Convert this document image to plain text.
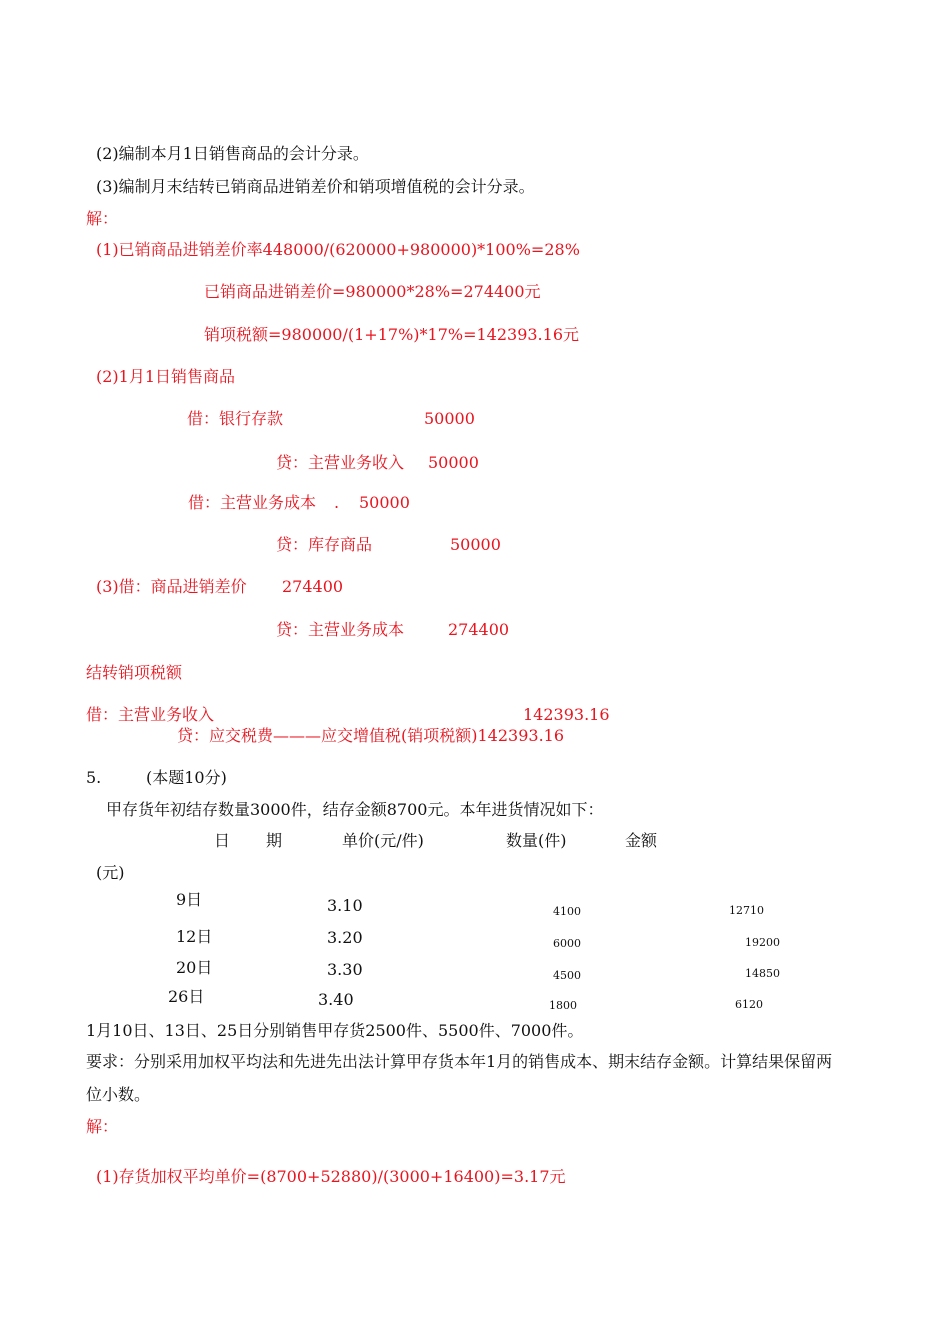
(2)编制本月1日销售商品的会计分录。
(3)编制月末结转已销商品进销差价和销项增值税的会计分录。
解：
(1)已销商品进销差价率448000/(620000+980000)*100%=28%
已销商品进销差价=980000*28%=274400元
销项税额=980000/(1+17%)*17%=142393.16元
(2)1月1日销售商品
借：银行存款	50000
贷：主营业务收入 50000
借：主营业务成本 . 50000
贷：库存商品	50000
(3)借：商品进销差价 274400
贷：主营业务成本	274400
结转销项税额
借：主营业务收入	142393.16
贷：应交税费———应交增值税(销项税额)142393.16
5.	(本题10分)
甲存货年初结存数量3000件，结存金额8700元。本年进货情况如下：
日 期	单价(元/件)	数量(件)	金额
(元)
9日	3.10	4100	12710
12日	3.20	6000	19200
20日	3.30	4500	14850
26日	3.40	1800	6120
1月10日、13日、25日分别销售甲存货2500件、5500件、7000件。
要求：分别采用加权平均法和先进先出法计算甲存货本年1月的销售成本、期末结存金额。计算结果保留两
位小数。
解：
(1)存货加权平均单价=(8700+52880)/(3000+16400)=3.17元
